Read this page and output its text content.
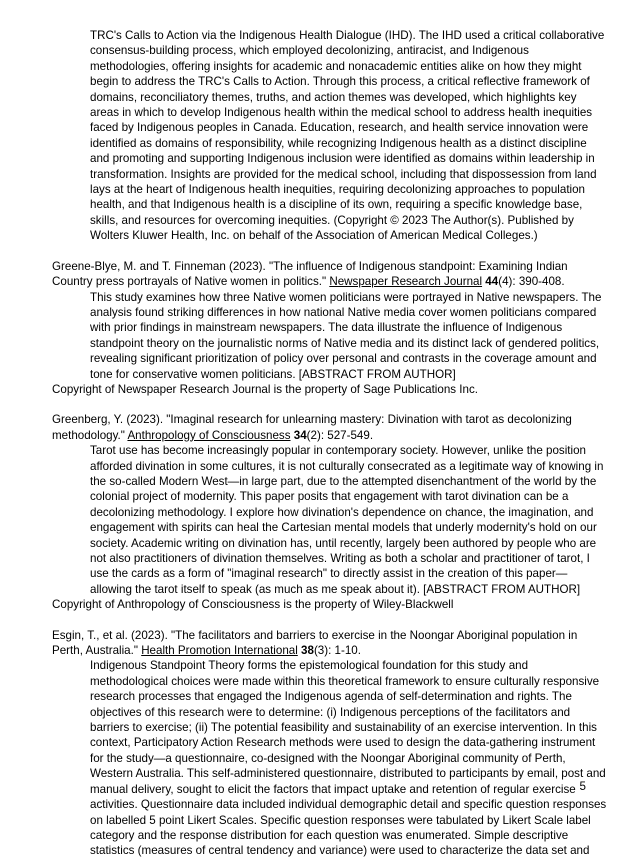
TRC's Calls to Action via the Indigenous Health Dialogue (IHD). The IHD used a critical collaborative consensus-building process, which employed decolonizing, antiracist, and Indigenous methodologies, offering insights for academic and nonacademic entities alike on how they might begin to address the TRC's Calls to Action. Through this process, a critical reflective framework of domains, reconciliatory themes, truths, and action themes was developed, which highlights key areas in which to develop Indigenous health within the medical school to address health inequities faced by Indigenous peoples in Canada. Education, research, and health service innovation were identified as domains of responsibility, while recognizing Indigenous health as a distinct discipline and promoting and supporting Indigenous inclusion were identified as domains within leadership in transformation. Insights are provided for the medical school, including that dispossession from land lays at the heart of Indigenous health inequities, requiring decolonizing approaches to population health, and that Indigenous health is a discipline of its own, requiring a specific knowledge base, skills, and resources for overcoming inequities. (Copyright © 2023 The Author(s). Published by Wolters Kluwer Health, Inc. on behalf of the Association of American Medical Colleges.)

Greene-Blye, M. and T. Finneman (2023). "The influence of Indigenous standpoint: Examining Indian Country press portrayals of Native women in politics." Newspaper Research Journal 44(4): 390-408.

This study examines how three Native women politicians were portrayed in Native newspapers. The analysis found striking differences in how national Native media cover women politicians compared with prior findings in mainstream newspapers. The data illustrate the influence of Indigenous standpoint theory on the journalistic norms of Native media and its distinct lack of gendered politics, revealing significant prioritization of policy over personal and contrasts in the coverage amount and tone for conservative women politicians. [ABSTRACT FROM AUTHOR]

Copyright of Newspaper Research Journal is the property of Sage Publications Inc.

Greenberg, Y. (2023). "Imaginal research for unlearning mastery: Divination with tarot as decolonizing methodology." Anthropology of Consciousness 34(2): 527-549.

Tarot use has become increasingly popular in contemporary society. However, unlike the position afforded divination in some cultures, it is not culturally consecrated as a legitimate way of knowing in the so-called Modern West—in large part, due to the attempted disenchantment of the world by the colonial project of modernity. This paper posits that engagement with tarot divination can be a decolonizing methodology. I explore how divination's dependence on chance, the imagination, and engagement with spirits can heal the Cartesian mental models that underly modernity's hold on our society. Academic writing on divination has, until recently, largely been authored by people who are not also practitioners of divination themselves. Writing as both a scholar and practitioner of tarot, I use the cards as a form of "imaginal research" to directly assist in the creation of this paper—allowing the tarot itself to speak (as much as me speak about it). [ABSTRACT FROM AUTHOR]

Copyright of Anthropology of Consciousness is the property of Wiley-Blackwell

Esgin, T., et al. (2023). "The facilitators and barriers to exercise in the Noongar Aboriginal population in Perth, Australia." Health Promotion International 38(3): 1-10.

Indigenous Standpoint Theory forms the epistemological foundation for this study and methodological choices were made within this theoretical framework to ensure culturally responsive research processes that engaged the Indigenous agenda of self-determination and rights. The objectives of this research were to determine: (i) Indigenous perceptions of the facilitators and barriers to exercise; (ii) The potential feasibility and sustainability of an exercise intervention. In this context, Participatory Action Research methods were used to design the data-gathering instrument for the study—a questionnaire, co-designed with the Noongar Aboriginal community of Perth, Western Australia. This self-administered questionnaire, distributed to participants by email, post and manual delivery, sought to elicit the factors that impact uptake and retention of regular exercise activities. Questionnaire data included individual demographic detail and specific question responses on labelled 5 point Likert Scales. Specific question responses were tabulated by Likert Scale label category and the response distribution for each question was enumerated. Simple descriptive statistics (measures of central tendency and variance) were used to characterize the data set and

5
